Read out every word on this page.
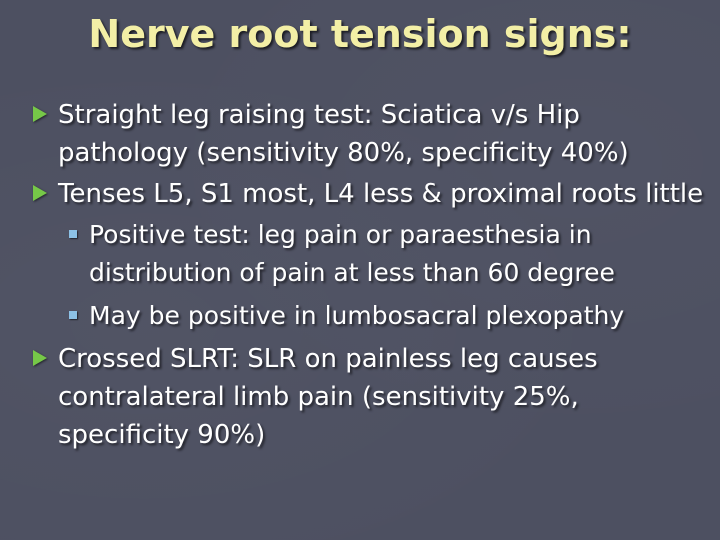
Nerve root tension signs:
Straight leg raising test: Sciatica v/s Hip pathology (sensitivity 80%, specificity 40%)
Tenses L5, S1 most, L4 less & proximal roots little
Positive test: leg pain or paraesthesia in distribution of pain at less than 60 degree
May be positive in lumbosacral plexopathy
Crossed SLRT: SLR on painless leg causes contralateral limb pain (sensitivity 25%, specificity 90%)
